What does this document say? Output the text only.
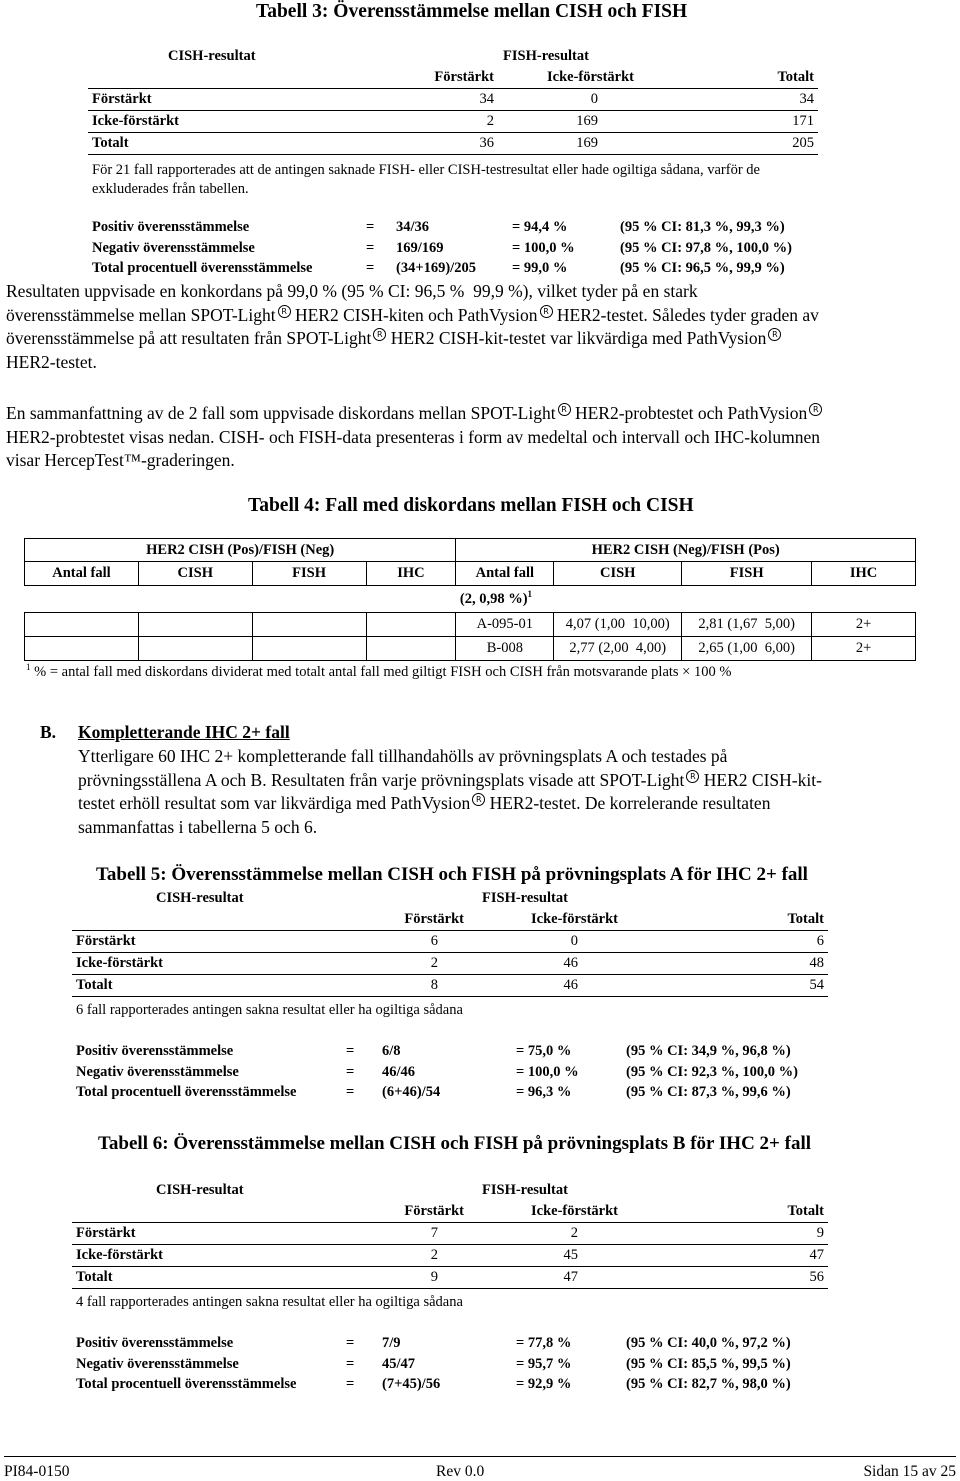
Tabell 3: Överensstämmelse mellan CISH och FISH
CISH-resultat	FISH-resultat		
	Förstärkt	Icke-förstärkt	Totalt
Förstärkt	34	0	34
Icke-förstärkt	2	169	171
Totalt	36	169	205
För 21 fall rapporterades att de antingen saknade FISH- eller CISH-testresultat eller hade ogiltiga sådana, varför de
exkluderades från tabellen.
Positiv överensstämmelse	= 34/36	= 94,4 %	(95 % CI: 81,3 %, 99,3 %)
Negativ överensstämmelse	= 169/169	= 100,0 %	(95 % CI: 97,8 %, 100,0 %)
Total procentuell överensstämmelse	= (34+169)/205 = 99,0 %	(95 % CI: 96,5 %, 99,9 %)
Resultaten uppvisade en konkordans på 99,0 % (95 % CI: 96,5 %  99,9 %), vilket tyder på en stark
överensstämmelse mellan SPOT-Light R HER2 CISH-kiten och PathVysion R HER2-testet. Således tyder graden av
överensstämmelse på att resultaten från SPOT-Light R HER2 CISH-kit-testet var likvärdiga med PathVysion R
HER2-testet.
En sammanfattning av de 2 fall som uppvisade diskordans mellan SPOT-Light R HER2-probtestet och PathVysion R
HER2-probtestet visas nedan. CISH- och FISH-data presenteras i form av medeltal och intervall och IHC-kolumnen
visar HercepTest™-graderingen.
Tabell 4: Fall med diskordans mellan FISH och CISH
HER2 CISH (Pos)/FISH (Neg)				HER2 CISH (Neg)/FISH (Pos)			
Antal fall	CISH	FISH	IHC	Antal fall	CISH	FISH	IHC
				(2, 0,98 %)$^1$		
				A-095-01	4,07 (1,00  10,00)	2,81 (1,67  5,00)	2+
				B-008	2,77 (2,00  4,00)	2,65 (1,00  6,00)	2+
$^1$ % = antal fall med diskordans dividerat med totalt antal fall med giltigt FISH och CISH från motsvarande plats × 100 %
B. Kompletterande IHC 2+ fall
Ytterligare 60 IHC 2+ kompletterande fall tillhandahölls av prövningsplats A och testades på
prövningsställena A och B. Resultaten från varje prövningsplats visade att SPOT-Light R HER2 CISH-kit-
testet erhöll resultat som var likvärdiga med PathVysion R HER2-testet. De korrelerande resultaten
sammanfattas i tabellerna 5 och 6.
Tabell 5: Överensstämmelse mellan CISH och FISH på prövningsplats A för IHC 2+ fall
CISH-resultat	FISH-resultat		
	Förstärkt	Icke-förstärkt	Totalt
Förstärkt	6	0	6
Icke-förstärkt	2	46	48
Totalt	8	46	54
6 fall rapporterades antingen sakna resultat eller ha ogiltiga sådana
Positiv överensstämmelse	= 6/8	= 75,0 %	(95 % CI: 34,9 %, 96,8 %)
Negativ överensstämmelse	= 46/46	= 100,0 %	(95 % CI: 92,3 %, 100,0 %)
Total procentuell överensstämmelse	= (6+46)/54	= 96,3 %	(95 % CI: 87,3 %, 99,6 %)
Tabell 6: Överensstämmelse mellan CISH och FISH på prövningsplats B för IHC 2+ fall
CISH-resultat	FISH-resultat		
	Förstärkt	Icke-förstärkt	Totalt
Förstärkt	7	2	9
Icke-förstärkt	2	45	47
Totalt	9	47	56
4 fall rapporterades antingen sakna resultat eller ha ogiltiga sådana
Positiv överensstämmelse	= 7/9	= 77,8 %	(95 % CI: 40,0 %, 97,2 %)
Negativ överensstämmelse	= 45/47	= 95,7 %	(95 % CI: 85,5 %, 99,5 %)
Total procentuell överensstämmelse	= (7+45)/56	= 92,9 %	(95 % CI: 82,7 %, 98,0 %)
PI84-0150	Rev 0.0	Sidan 15 av 25
